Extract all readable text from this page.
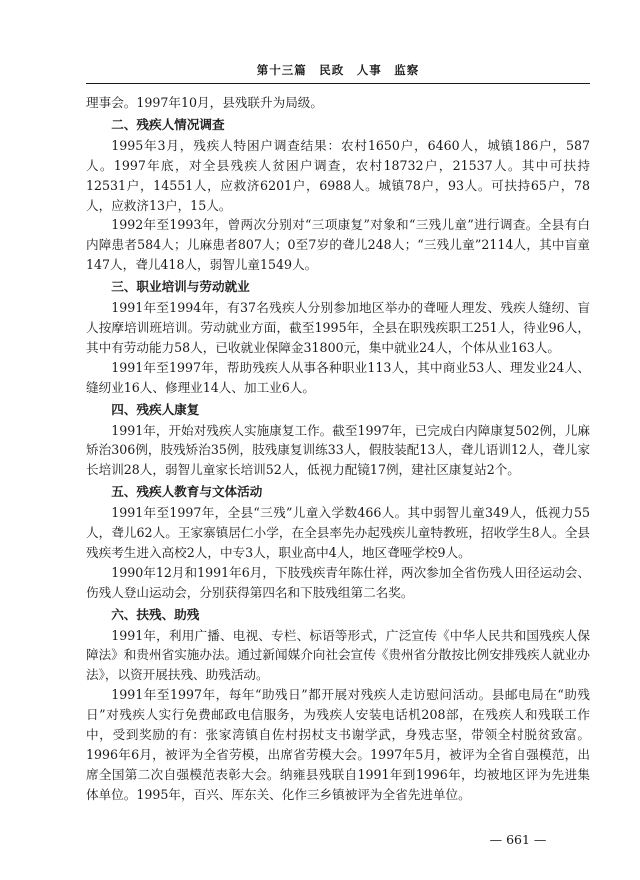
第十三篇　民政　人事　监察

理事会。1997年10月，县残联升为局级。

二、残疾人情况调查

1995年3月，残疾人特困户调查结果：农村1650户，6460人，城镇186户，587人。1997年底，对全县残疾人贫困户调查，农村18732户，21537人。其中可扶持12531户，14551人，应救济6201户，6988人。城镇78户，93人。可扶持65户，78人，应救济13户，15人。

1992年至1993年，曾两次分别对“三项康复”对象和“三残儿童”进行调查。全县有白内障患者584人；儿麻患者807人；0至7岁的聋儿248人；“三残儿童”2114人，其中盲童147人，聋儿418人，弱智儿童1549人。

三、职业培训与劳动就业

1991年至1994年，有37名残疾人分别参加地区举办的聋哑人理发、残疾人缝纫、盲人按摩培训班培训。劳动就业方面，截至1995年，全县在职残疾职工251人，待业96人，其中有劳动能力58人，已收就业保障金31800元，集中就业24人，个体从业163人。

1991年至1997年，帮助残疾人从事各种职业113人，其中商业53人、理发业24人、缝纫业16人、修理业14人、加工业6人。

四、残疾人康复

1991年，开始对残疾人实施康复工作。截至1997年，已完成白内障康复502例，儿麻矫治306例，肢残矫治35例，肢残康复训练33人，假肢装配13人，聋儿语训12人，聋儿家长培训28人，弱智儿童家长培训52人，低视力配镜17例，建社区康复站2个。

五、残疾人教育与文体活动

1991年至1997年，全县“三残”儿童入学数466人。其中弱智儿童349人，低视力55人，聋儿62人。王家寨镇居仁小学，在全县率先办起残疾儿童特教班，招收学生8人。全县残疾考生进入高校2人，中专3人，职业高中4人，地区聋哑学校9人。

1990年12月和1991年6月，下肢残疾青年陈仕祥，两次参加全省伤残人田径运动会、伤残人登山运动会，分别获得第四名和下肢残组第二名奖。

六、扶残、助残

1991年，利用广播、电视、专栏、标语等形式，广泛宣传《中华人民共和国残疾人保障法》和贵州省实施办法。通过新闻媒介向社会宣传《贵州省分散按比例安排残疾人就业办法》，以资开展扶残、助残活动。

1991年至1997年，每年“助残日”都开展对残疾人走访慰问活动。县邮电局在“助残日”对残疾人实行免费邮政电信服务，为残疾人安装电话机208部，在残疾人和残联工作中，受到奖励的有：张家湾镇自佐村拐杖支书谢学武，身残志坚，带领全村脱贫致富。1996年6月，被评为全省劳模，出席省劳模大会。1997年5月，被评为全省自强模范，出席全国第二次自强模范表彰大会。纳雍县残联自1991年到1996年，均被地区评为先进集体单位。1995年，百兴、厍东关、化作三乡镇被评为全省先进单位。

— 661 —
